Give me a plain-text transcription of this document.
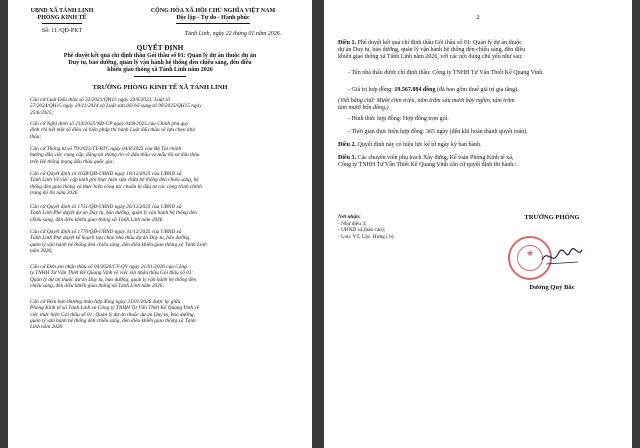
UBND XÃ TÁNH LINH
PHÒNG KINH TẾ
Số: 11 /QĐ-PKT
CỘNG HÒA XÃ HỘI CHỦ NGHĨA VIỆT NAM
Độc lập - Tự do - Hạnh phúc
Tánh Linh, ngày 22 tháng 01 năm 2026.
QUYẾT ĐỊNH
Phê duyệt kết quả chỉ định thầu Gói thầu số 01: Quản lý dự án thuộc dự án
Duy tu, bảo dưỡng, quản lý vận hành hệ thống đèn chiếu sáng, đèn điều
khiển giao thông xã Tánh Linh năm 2026
TRƯỞNG PHÒNG KINH TẾ XÃ TÁNH LINH
Căn cứ Luật Đấu thầu số 22/2023/QH15 ngày 23/6/2023; Luật số
57/2024/QH15 ngày 29/11/2024 và Luật sửa đổi bổ sung số 90/2025/QH15 ngày
25/6/2025;
Căn cứ Nghị định số 214/2025/NĐ-CP ngày 04/8/2025 của Chính phủ quy
định chi tiết một số điều và biện pháp thi hành Luật đấu thầu về lựa chọn nhà
thầu;
Căn cứ Thông tư số 79/2025/TT-BTC ngày 04/8/2025 của Bộ Tài chính
hướng dẫn việc cung cấp, đăng tải thông tin về đấu thầu và mẫu hồ sơ đấu thầu
trên Hệ thống mạng đấu thầu quốc gia;
Căn cứ Quyết định số 1638/QĐ-UBND ngày 18/12/2025 của UBND xã
Tánh Linh Về việc cấp kinh phí thực hiện sửa chữa hệ thống đèn chiếu sáng, hệ
thống đèn giao thông và thực hiện công tác chuẩn bị đầu tư các công trình chỉnh
trang đô thị năm 2026
Căn cứ Quyết định số 1731/QĐ-UBND ngày 26/12/2025 của UBND xã
Tánh Linh Phê duyệt dự án Duy tu, bảo dưỡng, quản lý vận hành hệ thống đèn
chiếu sáng, đèn điều khiển giao thông xã Tánh Linh năm 2026
Căn cứ Quyết định số 1770/QĐ-UBND ngày 31/12/2025 của UBND xã
Tánh Linh Phê duyệt kế hoạch lựa chọn nhà thầu dự án Duy tu, bảo dưỡng,
quản lý vận hành hệ thống đèn chiếu sáng, đèn điều khiển giao thông xã Tánh Linh
năm 2026;
Căn cứ Đơn xin nhận thầu số 04/2026/CV-QV ngày 21/01/2026 của Công
ty TNHH Tư Vấn Thiết Kế Quang Vinh về việc xin nhận thầu Gói thầu số 01:
Quản lý dự án thuộc dự án Duy tu, bảo dưỡng, quản lý vận hành hệ thống đèn
chiếu sáng, đèn điều khiển giao thông xã Tánh Linh năm 2026;
Căn cứ Biên bản thương thảo hợp đồng ngày 21/01/2026 được ký giữa
Phòng Kinh tế xã Tánh Linh và Công ty TNHH Tư Vấn Thiết Kế Quang Vinh về
việc thực hiện Gói thầu số 01: Quản lý dự án thuộc dự án Duy tu, bảo dưỡng,
quản lý vận hành hệ thống đèn chiếu sáng, đèn điều khiển giao thông xã Tánh
Linh năm 2026.
2
Điều 1. Phê duyệt kết quả chỉ định thầu Gói thầu số 01: Quản lý dự án thuộc
dự án Duy tu, bảo dưỡng, quản lý vận hành hệ thống đèn chiếu sáng, đèn điều
khiển giao thông xã Tánh Linh năm 2026, với các nội dung chủ yếu như sau:
- Tên nhà thầu được chỉ định thầu: Công ty TNHH Tư Vấn Thiết Kế Quang Vinh.
- Giá trị hợp đồng: 19.567.884 đồng (đã bao gồm thuế giá trị gia tăng).
(Viết bằng chữ: Mười chín triệu, năm trăm sáu mươi bảy nghìn, tám trăm
tám mươi bốn đồng.)
- Hình thức hợp đồng: Hợp đồng trọn gói.
- Thời gian thực hiện hợp đồng: 365 ngày (đến khi hoàn thành quyết toán).
Điều 2. Quyết định này có hiệu lực kể từ ngày ký ban hành.
Điều 3. Các chuyên viên phụ trách Xây dựng, Kế toán Phòng Kinh tế xã,
Công ty TNHH Tư Vấn Thiết Kế Quang Vinh căn cứ quyết định thi hành./.
Nơi nhận:
- Như điều 3;
- UBND xã (báo cáo);
- Lưu: VT, Lộc, Hưng ( b).
TRƯỞNG PHÒNG
★
Dương Quý Bắc
